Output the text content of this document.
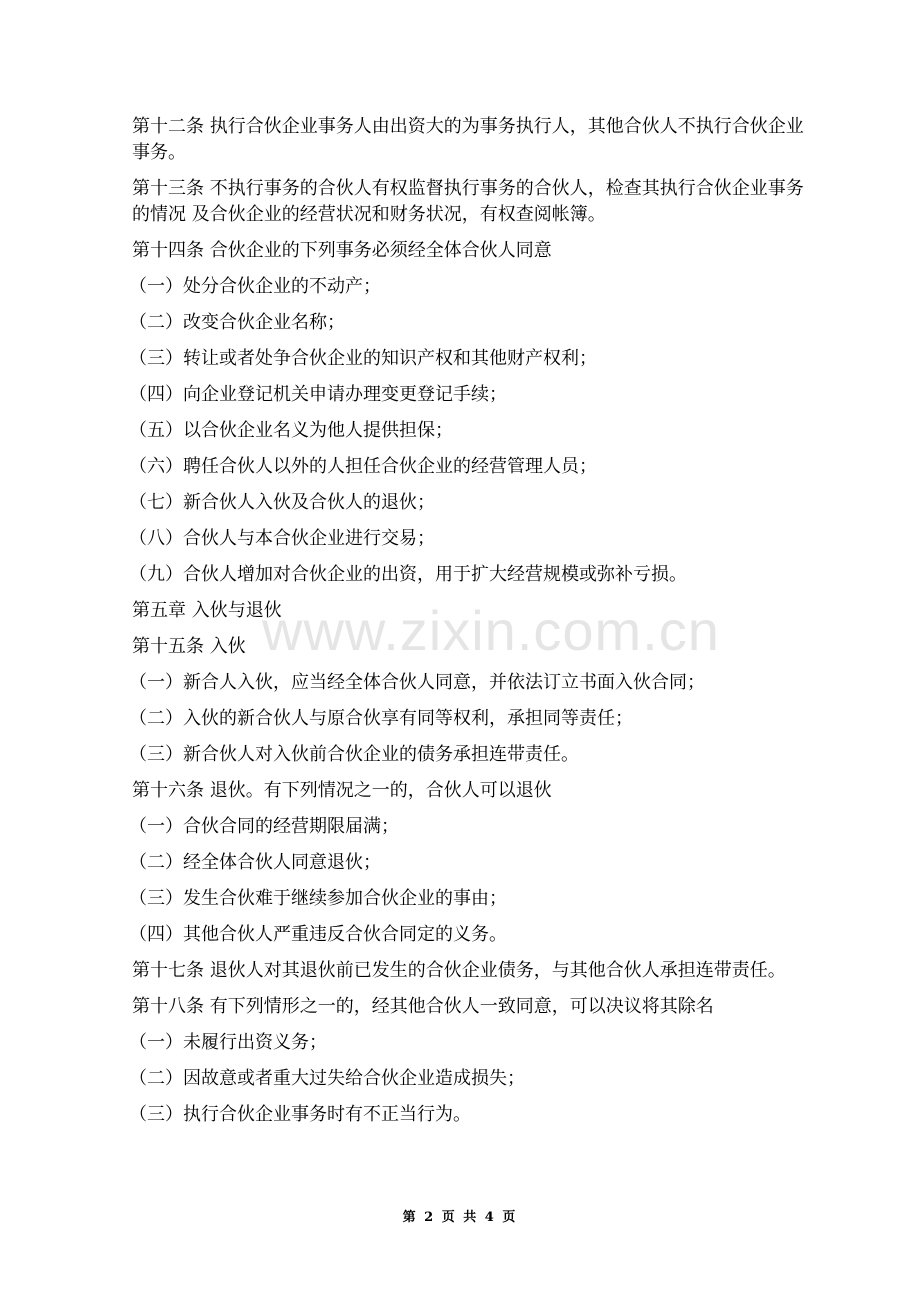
第十二条 执行合伙企业事务人由出资大的为事务执行人，其他合伙人不执行合伙企业事务。
第十三条 不执行事务的合伙人有权监督执行事务的合伙人，检查其执行合伙企业事务的情况 及合伙企业的经营状况和财务状况，有权查阅帐簿。
第十四条 合伙企业的下列事务必须经全体合伙人同意
（一）处分合伙企业的不动产；
（二）改变合伙企业名称；
（三）转让或者处争合伙企业的知识产权和其他财产权利；
（四）向企业登记机关申请办理变更登记手续；
（五）以合伙企业名义为他人提供担保；
（六）聘任合伙人以外的人担任合伙企业的经营管理人员；
（七）新合伙人入伙及合伙人的退伙；
（八）合伙人与本合伙企业进行交易；
（九）合伙人增加对合伙企业的出资，用于扩大经营规模或弥补亏损。
第五章 入伙与退伙
第十五条 入伙
（一）新合人入伙，应当经全体合伙人同意，并依法订立书面入伙合同；
（二）入伙的新合伙人与原合伙享有同等权利，承担同等责任；
（三）新合伙人对入伙前合伙企业的债务承担连带责任。
第十六条 退伙。有下列情况之一的，合伙人可以退伙
（一）合伙合同的经营期限届满；
（二）经全体合伙人同意退伙；
（三）发生合伙难于继续参加合伙企业的事由；
（四）其他合伙人严重违反合伙合同定的义务。
第十七条 退伙人对其退伙前已发生的合伙企业债务，与其他合伙人承担连带责任。
第十八条 有下列情形之一的，经其他合伙人一致同意，可以决议将其除名
（一）未履行出资义务；
（二）因故意或者重大过失给合伙企业造成损失；
（三）执行合伙企业事务时有不正当行为。
www.zixin.com.cn
第 2 页 共 4 页
